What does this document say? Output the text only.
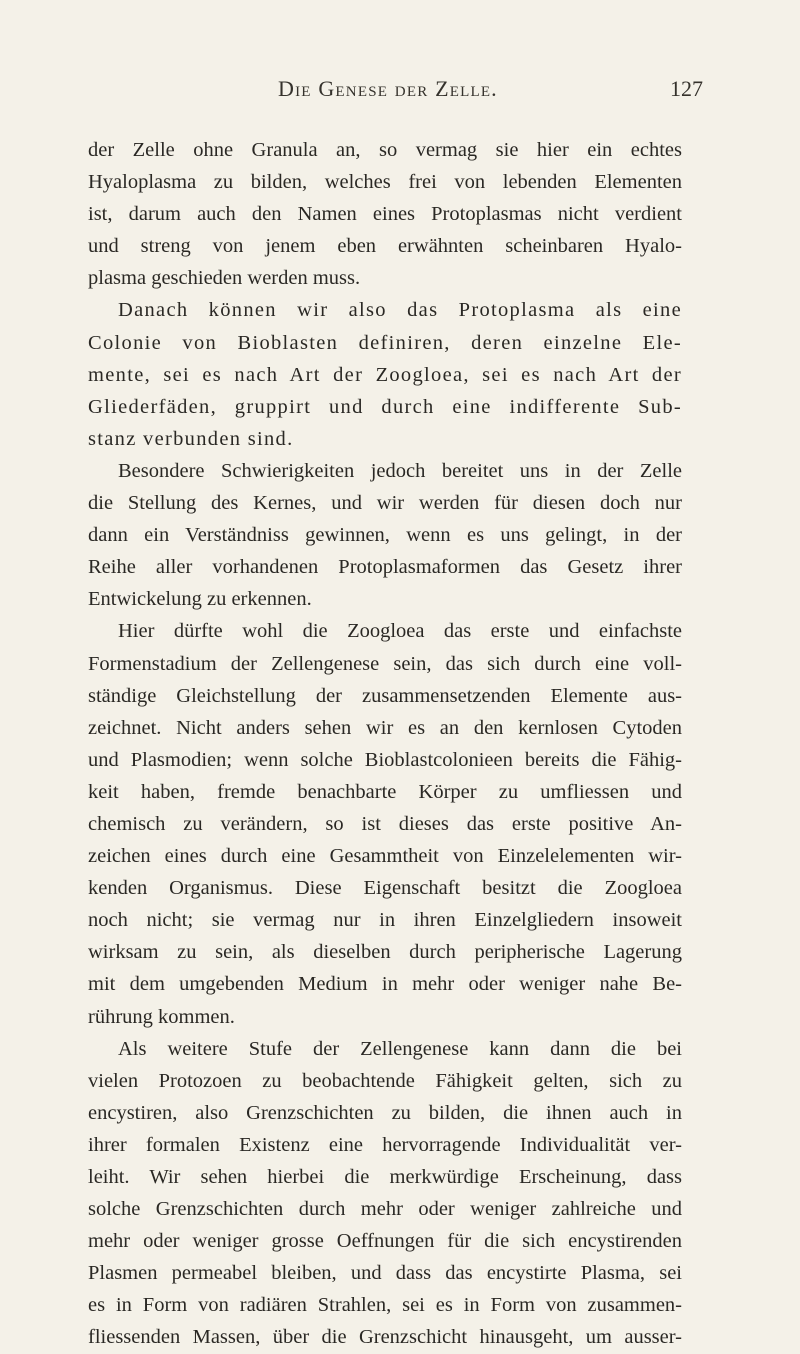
Die Genese der Zelle.	127
der Zelle ohne Granula an, so vermag sie hier ein echtes
Hyaloplasma zu bilden, welches frei von lebenden Elementen
ist, darum auch den Namen eines Protoplasmas nicht verdient
und streng von jenem eben erwähnten scheinbaren Hyalo-
plasma geschieden werden muss.
Danach können wir also das Protoplasma als eine
Colonie von Bioblasten definiren, deren einzelne Ele-
mente, sei es nach Art der Zoogloea, sei es nach Art der
Gliederfäden, gruppirt und durch eine indifferente Sub-
stanz verbunden sind.
Besondere Schwierigkeiten jedoch bereitet uns in der Zelle
die Stellung des Kernes, und wir werden für diesen doch nur
dann ein Verständniss gewinnen, wenn es uns gelingt, in der
Reihe aller vorhandenen Protoplasmaformen das Gesetz ihrer
Entwickelung zu erkennen.
Hier dürfte wohl die Zoogloea das erste und einfachste
Formenstadium der Zellengenese sein, das sich durch eine voll-
ständige Gleichstellung der zusammensetzenden Elemente aus-
zeichnet. Nicht anders sehen wir es an den kernlosen Cytoden
und Plasmodien; wenn solche Bioblastcolonieen bereits die Fähig-
keit haben, fremde benachbarte Körper zu umfliessen und
chemisch zu verändern, so ist dieses das erste positive An-
zeichen eines durch eine Gesammtheit von Einzelelementen wir-
kenden Organismus. Diese Eigenschaft besitzt die Zoogloea
noch nicht; sie vermag nur in ihren Einzelgliedern insoweit
wirksam zu sein, als dieselben durch peripherische Lagerung
mit dem umgebenden Medium in mehr oder weniger nahe Be-
rührung kommen.
Als weitere Stufe der Zellengenese kann dann die bei
vielen Protozoen zu beobachtende Fähigkeit gelten, sich zu
encystiren, also Grenzschichten zu bilden, die ihnen auch in
ihrer formalen Existenz eine hervorragende Individualität ver-
leiht. Wir sehen hierbei die merkwürdige Erscheinung, dass
solche Grenzschichten durch mehr oder weniger zahlreiche und
mehr oder weniger grosse Oeffnungen für die sich encystirenden
Plasmen permeabel bleiben, und dass das encystirte Plasma, sei
es in Form von radiären Strahlen, sei es in Form von zusammen-
fliessenden Massen, über die Grenzschicht hinausgeht, um ausser-
